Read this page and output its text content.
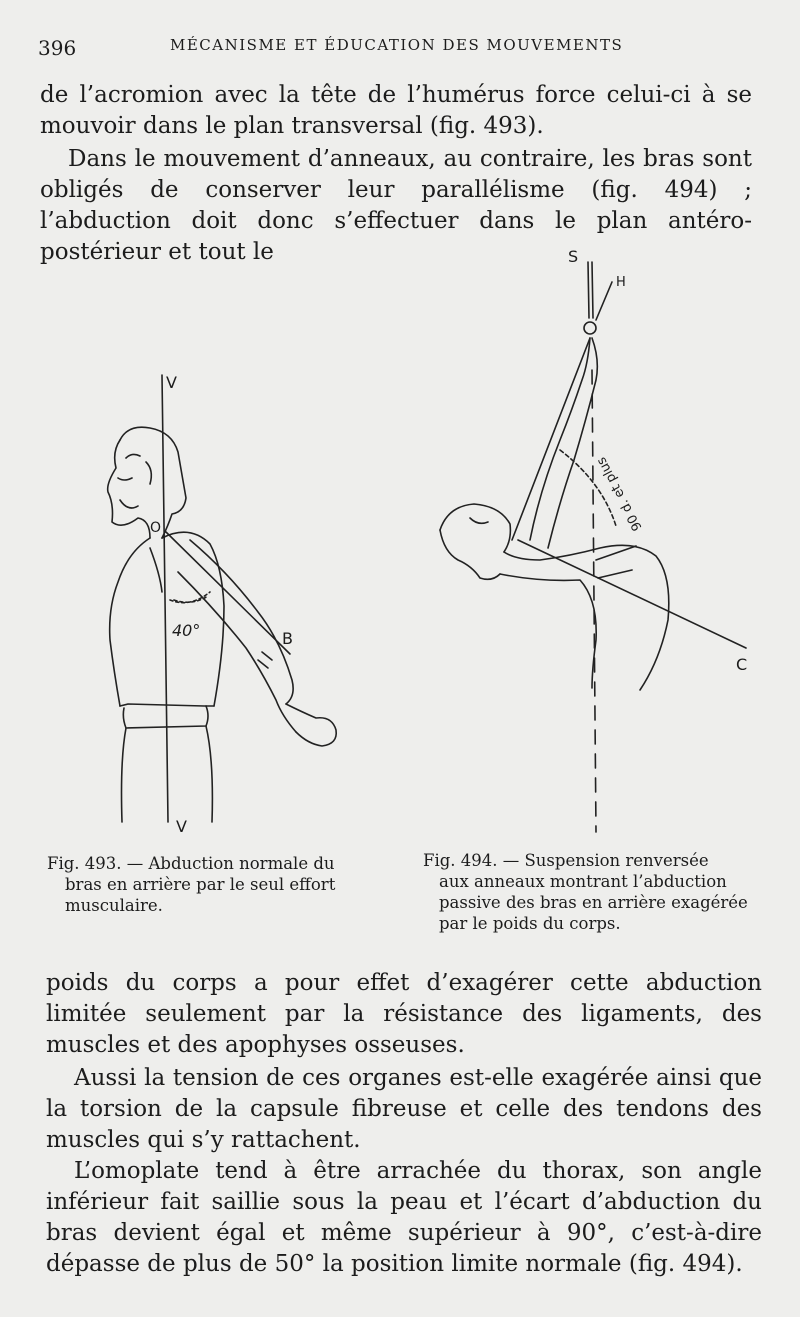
396	MÉCANISME ET ÉDUCATION DES MOUVEMENTS

de l’acromion avec la tête de l’humérus force celui-ci à se mouvoir dans le plan transversal (fig. 493).

Dans le mouvement d’anneaux, au contraire, les bras sont obligés de conserver leur parallélisme (fig. 494) ; l’abduction doit donc s’effectuer dans le plan antéro-postérieur et tout le

V
V
O
B
40°
S
H
C
90 d. et plus

Fig. 493. — Abduction normale du
bras en arrière par le seul effort musculaire.

Fig. 494. — Suspension renversée
aux anneaux montrant l’abduction passive des bras en arrière exagérée par le poids du corps.

poids du corps a pour effet d’exagérer cette abduction limitée seulement par la résistance des ligaments, des muscles et des apophyses osseuses.

Aussi la tension de ces organes est-elle exagérée ainsi que la torsion de la capsule fibreuse et celle des tendons des muscles qui s’y rattachent.

L’omoplate tend à être arrachée du thorax, son angle inférieur fait saillie sous la peau et l’écart d’abduction du bras devient égal et même supérieur à 90°, c’est-à-dire dépasse de plus de 50° la position limite normale (fig. 494).
